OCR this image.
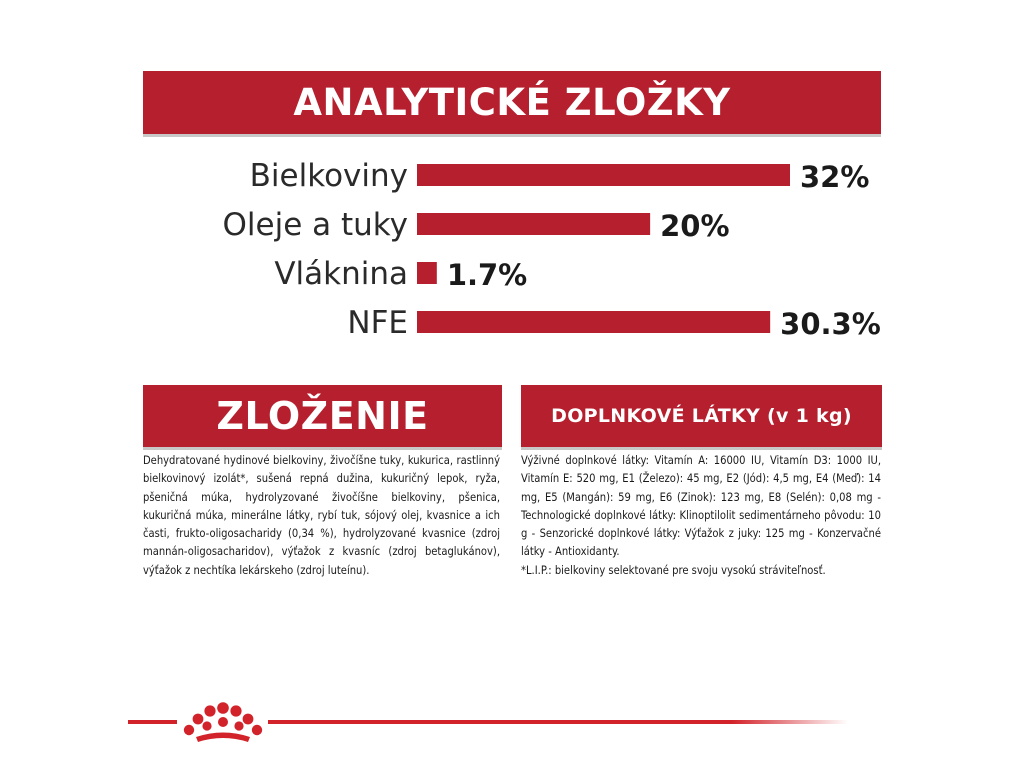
ANALYTICKÉ ZLOŽKY
Bielkoviny	32%
Oleje a tuky	20%
Vláknina 1.7%
NFE	30.3%
ZLOŽENIE	DOPLNKOVÉ LÁTKY (v 1 kg)

Dehydratované hydinové bielkoviny, živočíšne tuky, kukurica, rastlinný bielkovinový izolát*, sušená repná dužina, kukuričný lepok, ryža, pšeničná múka, hydrolyzované živočíšne bielkoviny, pšenica, kukuričná múka, minerálne látky, rybí tuk, sójový olej, kvasnice a ich časti, frukto-oligosacharidy (0,34 %), hydrolyzované kvasnice (zdroj mannán-oligosacharidov), výťažok z kvasníc (zdroj betaglukánov), výťažok z nechtíka lekárskeho (zdroj luteínu).

Výživné doplnkové látky: Vitamín A: 16000 IU, Vitamín D3: 1000 IU, Vitamín E: 520 mg, E1 (Železo): 45 mg, E2 (Jód): 4,5 mg, E4 (Meď): 14 mg, E5 (Mangán): 59 mg, E6 (Zinok): 123 mg, E8 (Selén): 0,08 mg - Technologické doplnkové látky: Klinoptilolit sedimentárneho pôvodu: 10 g - Senzorické doplnkové látky: Výťažok z juky: 125 mg - Konzervačné látky - Antioxidanty.

*L.I.P.: bielkoviny selektované pre svoju vysokú stráviteľnosť.
